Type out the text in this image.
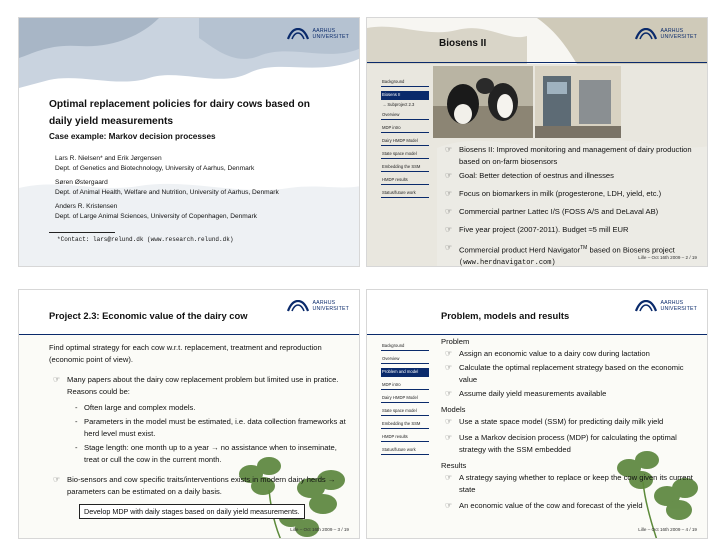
AARHUS
UNIVERSITET
Optimal replacement policies for dairy cows based on
daily yield measurements
Case example: Markov decision processes
Lars R. Nielsen* and Erik Jørgensen
Dept. of Genetics and Biotechnology, University of Aarhus, Denmark
Søren Østergaard
Dept. of Animal Health, Welfare and Nutrition, University of Aarhus, Denmark
Anders R. Kristensen
Dept. of Large Animal Sciences, University of Copenhagen, Denmark
*Contact: lars@relund.dk (www.research.relund.dk)
Biosens II
AARHUS
UNIVERSITET
Background
Biosens II
→ Subproject 2.3
Overview
MDP intro
Dairy HMDP Model
State space model
Embedding the SSM
HMDP results
Status/future work
☞ Biosens II: Improved monitoring and management of dairy production based on on-farm biosensors
☞ Goal: Better detection of oestrus and illnesses
☞ Focus on biomarkers in milk (progesterone, LDH, yield, etc.)
☞ Commercial partner Lattec I/S (FOSS A/S and DeLaval AB)
☞ Five year project (2007-2011). Budget ≈5 mill EUR
☞ Commercial product Herd Navigator™ based on Biosens project
(www.herdnavigator.com)
Lille – Oct 16th 2009 – 2 / 19
Project 2.3: Economic value of the dairy cow
AARHUS
UNIVERSITET
Find optimal strategy for each cow w.r.t. replacement, treatment and reproduction (economic point of view).
☞ Many papers about the dairy cow replacement problem but limited use in pratice. Reasons could be:
- Often large and complex models.
- Parameters in the model must be estimated, i.e. data collection frameworks at herd level must exist.
- Stage length: one month up to a year → no assistance when to inseminate, treat or cull the cow in the current month.
☞ Bio-sensors and cow specific traits/interventions exists in modern dairy herds → parameters can be estimated on a daily basis.
Develop MDP with daily stages based on daily yield measurements.
Lille – Oct 16th 2009 – 3 / 19
Problem, models and results
AARHUS
UNIVERSITET
Background
Overview
Problem and model
MDP intro
Dairy HMDP Model
State space model
Embedding the SSM
HMDP results
Status/future work
Problem
☞ Assign an economic value to a dairy cow during lactation
☞ Calculate the optimal replacement strategy based on the economic value
☞ Assume daily yield measurements available
Models
☞ Use a state space model (SSM) for predicting daily milk yield
☞ Use a Markov decision process (MDP) for calculating the optimal strategy with the SSM embedded
Results
☞ A strategy saying whether to replace or keep the cow given its current state
☞ An economic value of the cow and forecast of the yield
Lille – Oct 16th 2009 – 4 / 19
